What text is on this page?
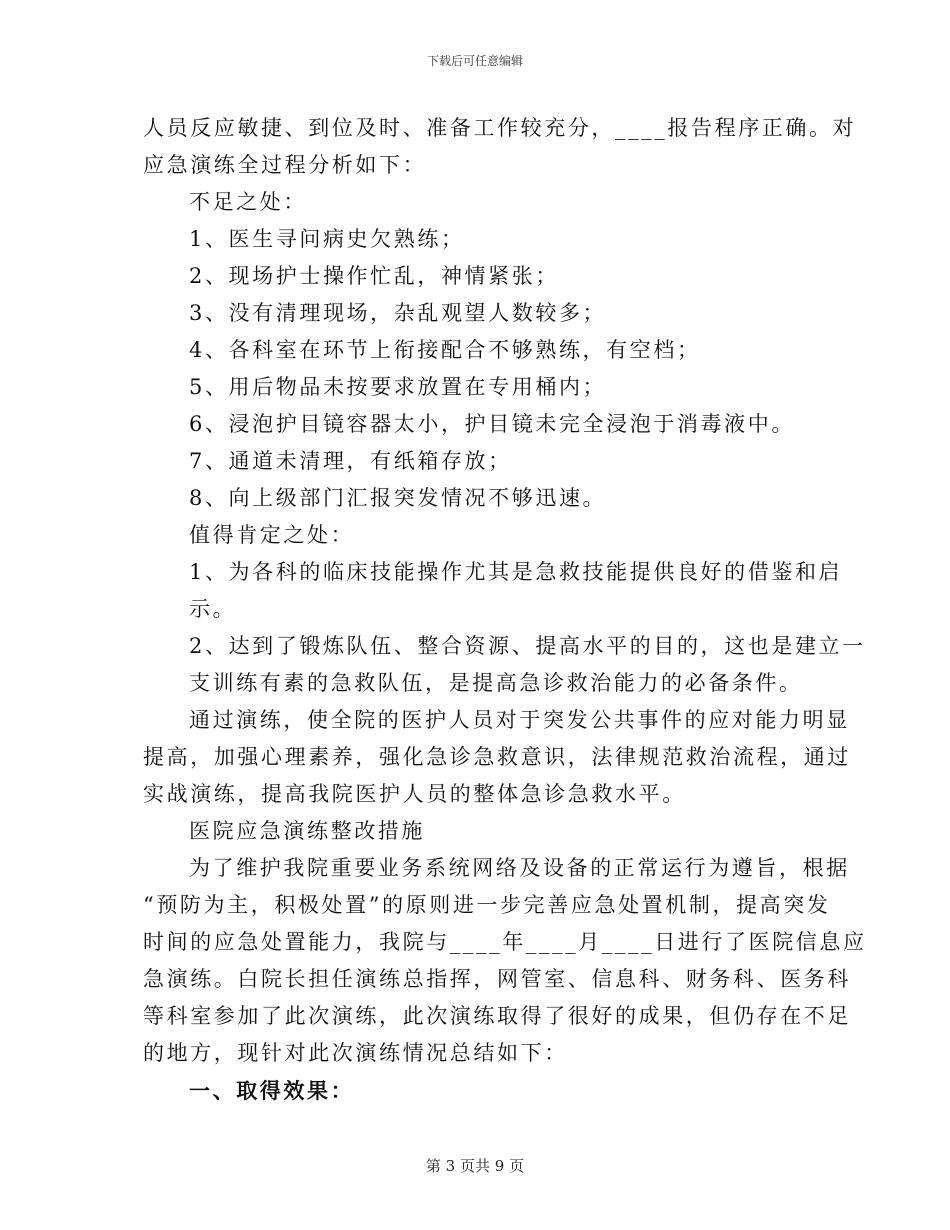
下载后可任意编辑
人员反应敏捷、到位及时、准备工作较充分，____报告程序正确。对
应急演练全过程分析如下：
不足之处：
1、医生寻问病史欠熟练；
2、现场护士操作忙乱，神情紧张；
3、没有清理现场，杂乱观望人数较多；
4、各科室在环节上衔接配合不够熟练，有空档；
5、用后物品未按要求放置在专用桶内；
6、浸泡护目镜容器太小，护目镜未完全浸泡于消毒液中。
7、通道未清理，有纸箱存放；
8、向上级部门汇报突发情况不够迅速。
值得肯定之处：
1、为各科的临床技能操作尤其是急救技能提供良好的借鉴和启
示。
2、达到了锻炼队伍、整合资源、提高水平的目的，这也是建立一
支训练有素的急救队伍，是提高急诊救治能力的必备条件。
通过演练，使全院的医护人员对于突发公共事件的应对能力明显
提高，加强心理素养，强化急诊急救意识，法律规范救治流程，通过
实战演练，提高我院医护人员的整体急诊急救水平。
医院应急演练整改措施
为了维护我院重要业务系统网络及设备的正常运行为遵旨，根据
“预防为主，积极处置”的原则进一步完善应急处置机制，提高突发
时间的应急处置能力，我院与____年____月____日进行了医院信息应
急演练。白院长担任演练总指挥，网管室、信息科、财务科、医务科
等科室参加了此次演练，此次演练取得了很好的成果，但仍存在不足
的地方，现针对此次演练情况总结如下：
一、取得效果：
第 3 页共 9 页
